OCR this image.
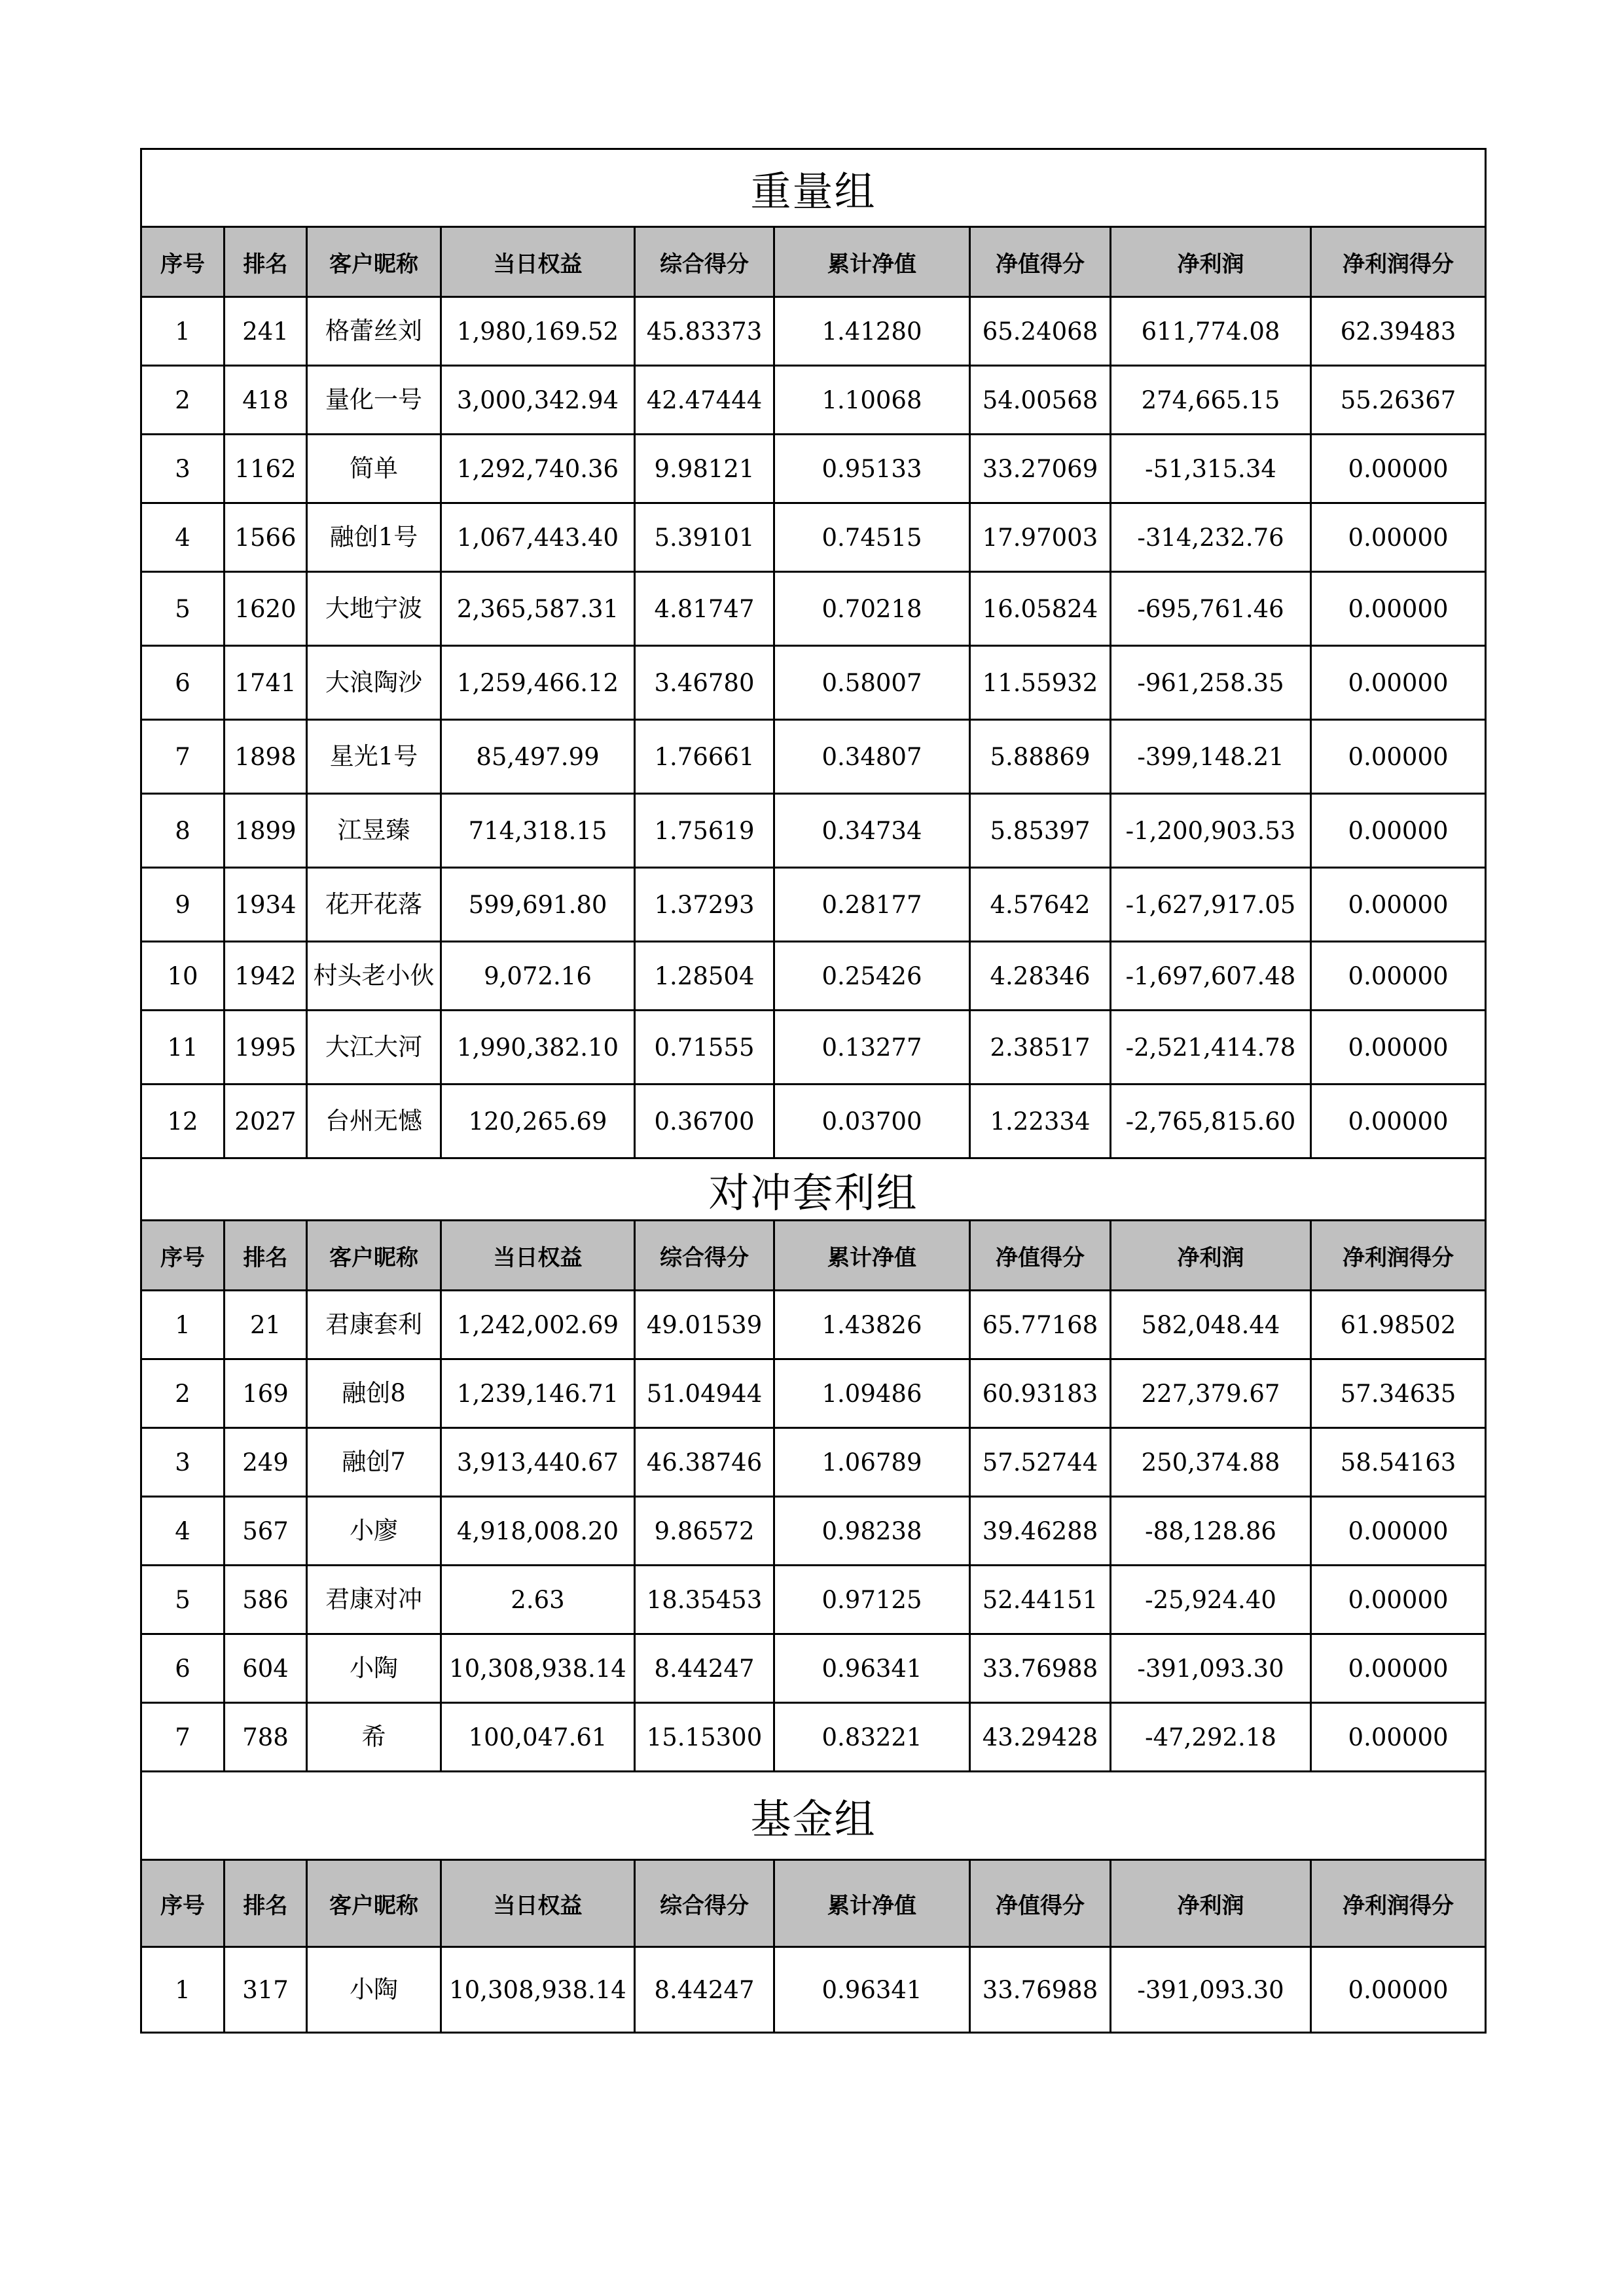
重量组								
序号	排名	客户昵称	当日权益	综合得分	累计净值	净值得分	净利润	净利润得分
1	241	格蕾丝刘	1,980,169.52	45.83373	1.41280	65.24068	611,774.08	62.39483
2	418	量化一号	3,000,342.94	42.47444	1.10068	54.00568	274,665.15	55.26367
3	1162	简单	1,292,740.36	9.98121	0.95133	33.27069	-51,315.34	0.00000
4	1566	融创1号	1,067,443.40	5.39101	0.74515	17.97003	-314,232.76	0.00000
5	1620	大地宁波	2,365,587.31	4.81747	0.70218	16.05824	-695,761.46	0.00000
6	1741	大浪陶沙	1,259,466.12	3.46780	0.58007	11.55932	-961,258.35	0.00000
7	1898	星光1号	85,497.99	1.76661	0.34807	5.88869	-399,148.21	0.00000
8	1899	江昱臻	714,318.15	1.75619	0.34734	5.85397	-1,200,903.53	0.00000
9	1934	花开花落	599,691.80	1.37293	0.28177	4.57642	-1,627,917.05	0.00000
10	1942	村头老小伙	9,072.16	1.28504	0.25426	4.28346	-1,697,607.48	0.00000
11	1995	大江大河	1,990,382.10	0.71555	0.13277	2.38517	-2,521,414.78	0.00000
12	2027	台州无憾	120,265.69	0.36700	0.03700	1.22334	-2,765,815.60	0.00000
对冲套利组								
序号	排名	客户昵称	当日权益	综合得分	累计净值	净值得分	净利润	净利润得分
1	21	君康套利	1,242,002.69	49.01539	1.43826	65.77168	582,048.44	61.98502
2	169	融创8	1,239,146.71	51.04944	1.09486	60.93183	227,379.67	57.34635
3	249	融创7	3,913,440.67	46.38746	1.06789	57.52744	250,374.88	58.54163
4	567	小廖	4,918,008.20	9.86572	0.98238	39.46288	-88,128.86	0.00000
5	586	君康对冲	2.63	18.35453	0.97125	52.44151	-25,924.40	0.00000
6	604	小陶	10,308,938.14	8.44247	0.96341	33.76988	-391,093.30	0.00000
7	788	希	100,047.61	15.15300	0.83221	43.29428	-47,292.18	0.00000
基金组								
序号	排名	客户昵称	当日权益	综合得分	累计净值	净值得分	净利润	净利润得分
1	317	小陶	10,308,938.14	8.44247	0.96341	33.76988	-391,093.30	0.00000
